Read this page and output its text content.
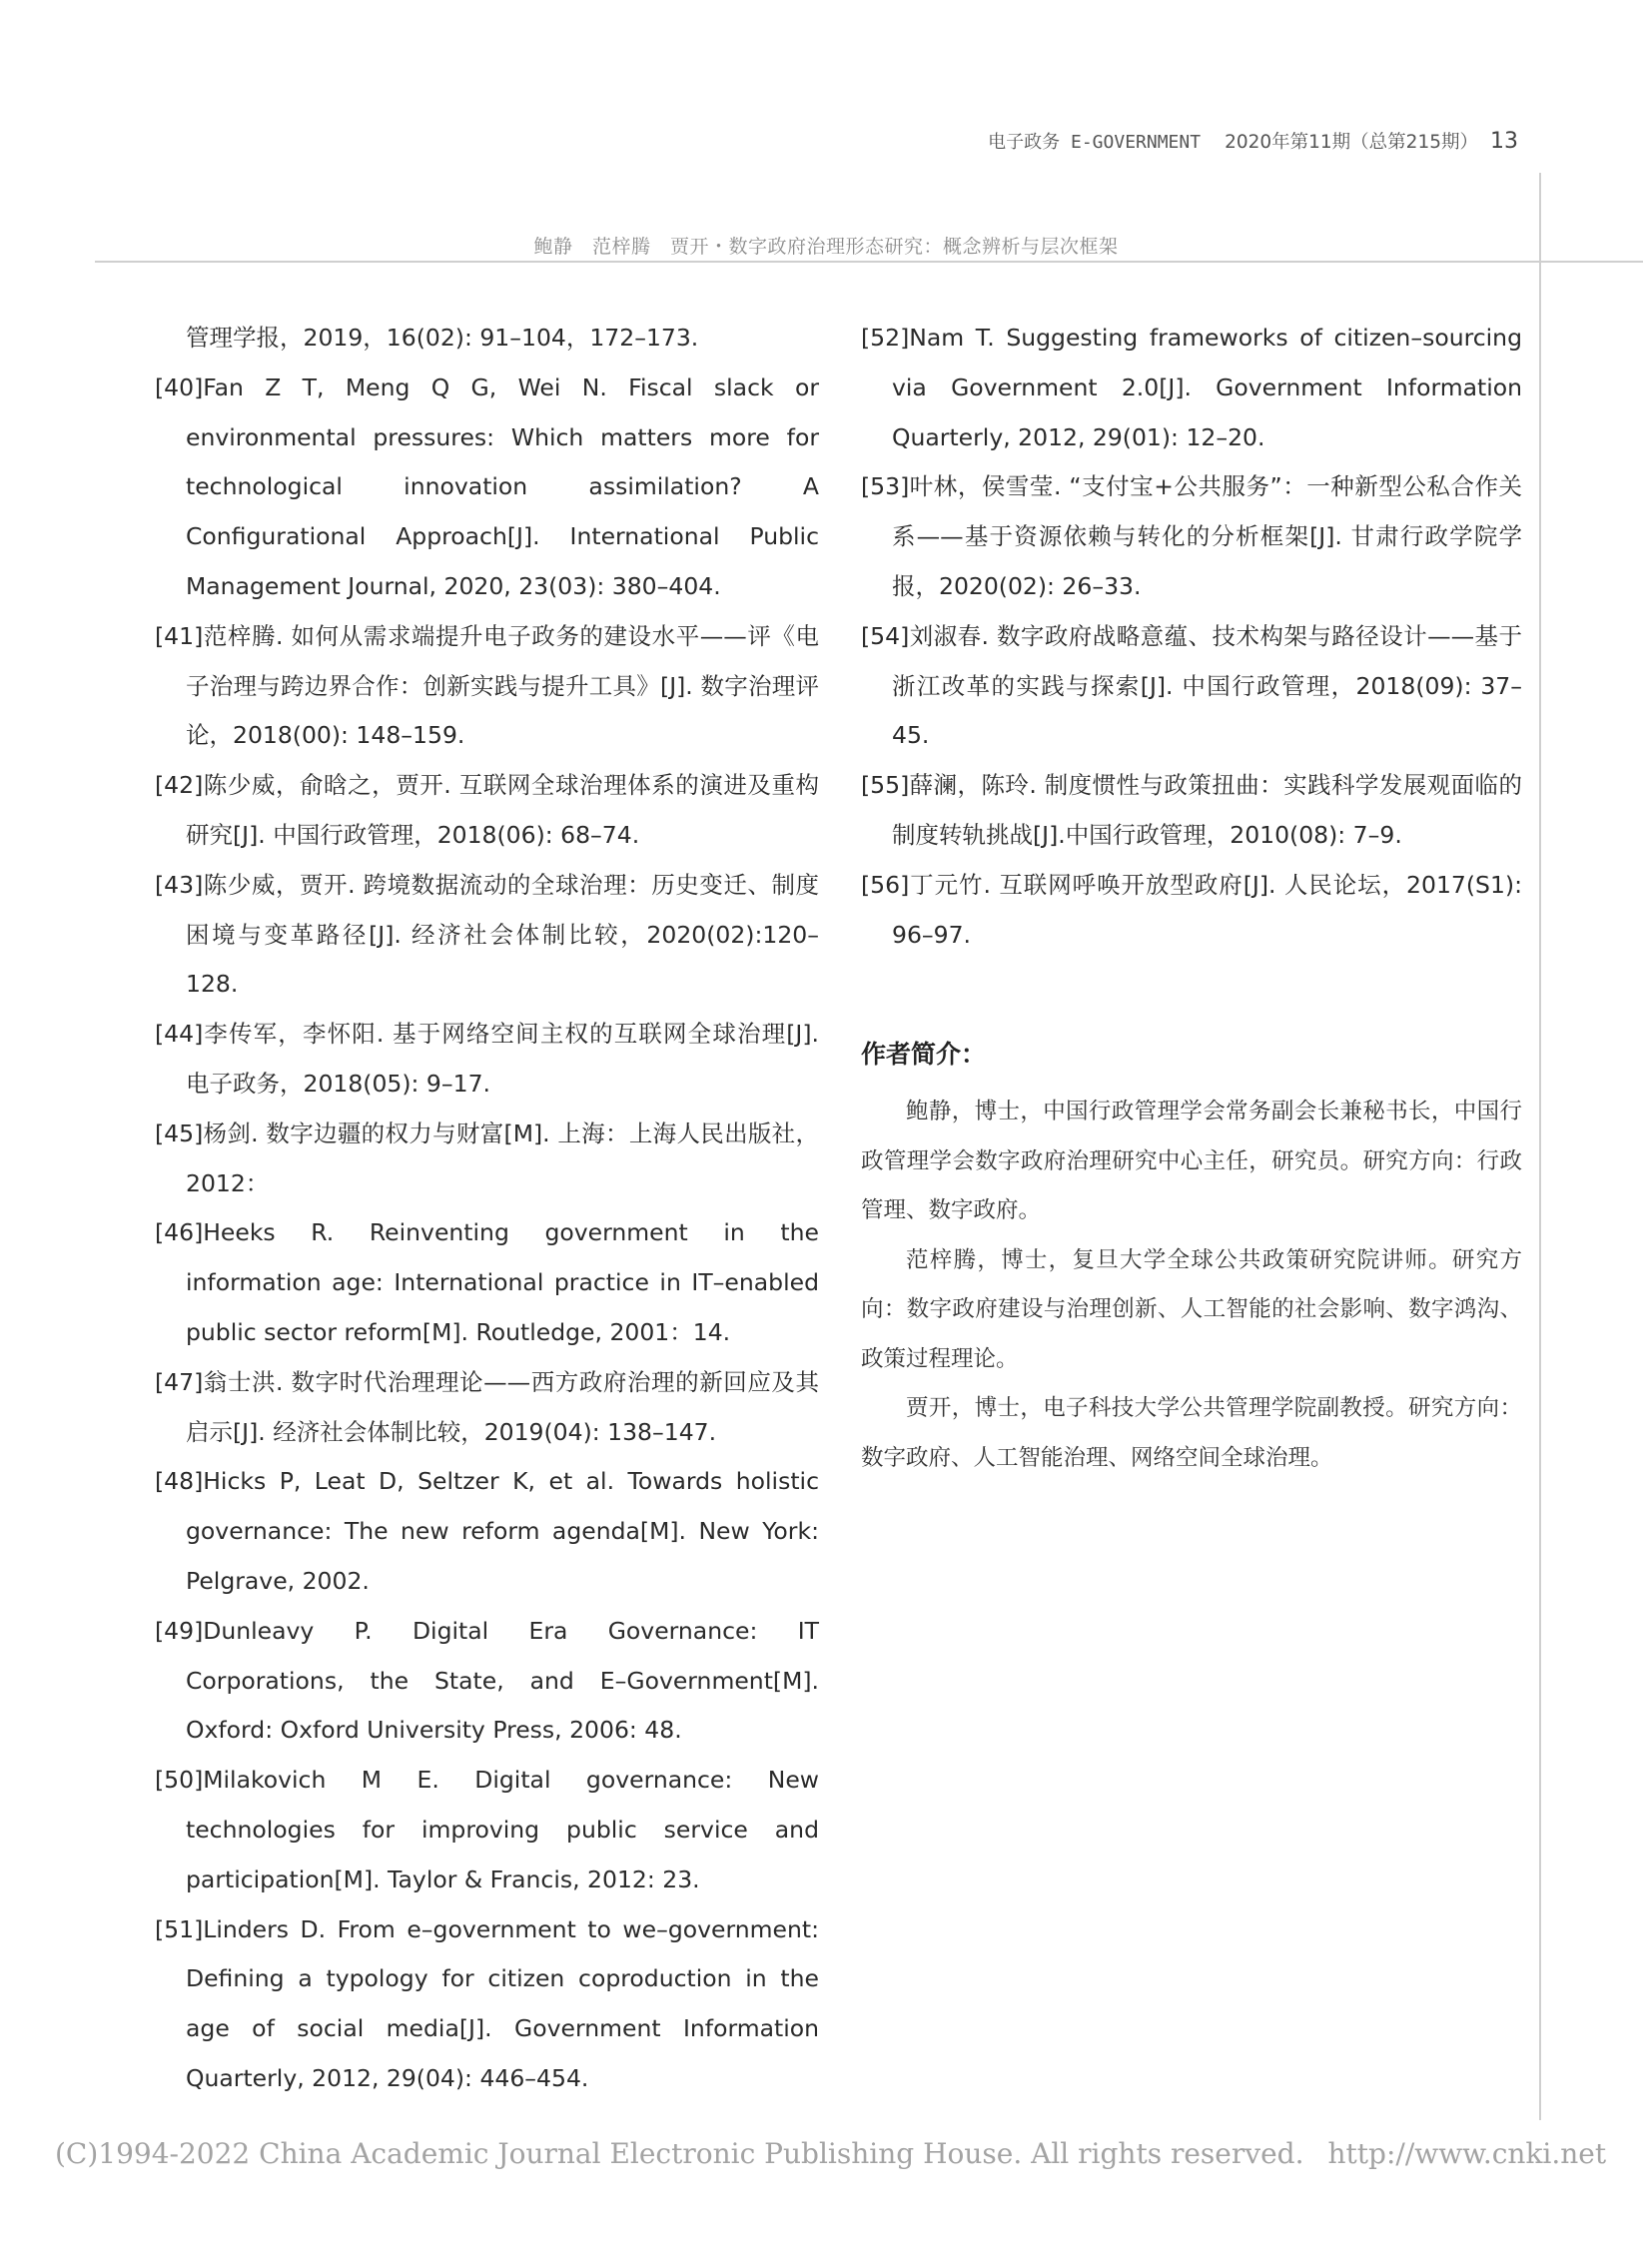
电子政务 E-GOVERNMENT 2020年第11期（总第215期） 13
鲍静　范梓腾　贾开・数字政府治理形态研究：概念辨析与层次框架
管理学报，2019，16(02): 91–104，172–173.
[40]Fan Z T, Meng Q G, Wei N. Fiscal slack or environmental pressures: Which matters more for technological innovation assimilation? A Configurational Approach[J]. International Public Management Journal, 2020, 23(03): 380–404.
[41]范梓腾. 如何从需求端提升电子政务的建设水平——评《电子治理与跨边界合作：创新实践与提升工具》[J]. 数字治理评论，2018(00): 148–159.
[42]陈少威，俞晗之，贾开. 互联网全球治理体系的演进及重构研究[J]. 中国行政管理，2018(06): 68–74.
[43]陈少威，贾开. 跨境数据流动的全球治理：历史变迁、制度困境与变革路径[J]. 经济社会体制比较，2020(02):120–128.
[44]李传军，李怀阳. 基于网络空间主权的互联网全球治理[J]. 电子政务，2018(05): 9–17.
[45]杨剑. 数字边疆的权力与财富[M]. 上海：上海人民出版社，2012：
[46]Heeks R. Reinventing government in the information age: International practice in IT–enabled public sector reform[M]. Routledge, 2001：14.
[47]翁士洪. 数字时代治理理论——西方政府治理的新回应及其启示[J]. 经济社会体制比较，2019(04): 138–147.
[48]Hicks P, Leat D, Seltzer K, et al. Towards holistic governance: The new reform agenda[M]. New York: Pelgrave, 2002.
[49]Dunleavy P. Digital Era Governance: IT Corporations, the State, and E–Government[M]. Oxford: Oxford University Press, 2006: 48.
[50]Milakovich M E. Digital governance: New technologies for improving public service and participation[M]. Taylor & Francis, 2012: 23.
[51]Linders D. From e–government to we–government: Defining a typology for citizen coproduction in the age of social media[J]. Government Information Quarterly, 2012, 29(04): 446–454.
[52]Nam T. Suggesting frameworks of citizen–sourcing via Government 2.0[J]. Government Information Quarterly, 2012, 29(01): 12–20.
[53]叶林，侯雪莹. “支付宝+公共服务”：一种新型公私合作关系——基于资源依赖与转化的分析框架[J]. 甘肃行政学院学报，2020(02): 26–33.
[54]刘淑春. 数字政府战略意蕴、技术构架与路径设计——基于浙江改革的实践与探索[J]. 中国行政管理，2018(09): 37–45.
[55]薛澜，陈玲. 制度惯性与政策扭曲：实践科学发展观面临的制度转轨挑战[J].中国行政管理，2010(08): 7–9.
[56]丁元竹. 互联网呼唤开放型政府[J]. 人民论坛，2017(S1): 96–97.
作者简介：

鲍静，博士，中国行政管理学会常务副会长兼秘书长，中国行政管理学会数字政府治理研究中心主任，研究员。研究方向：行政管理、数字政府。

范梓腾，博士，复旦大学全球公共政策研究院讲师。研究方向：数字政府建设与治理创新、人工智能的社会影响、数字鸿沟、政策过程理论。

贾开，博士，电子科技大学公共管理学院副教授。研究方向：数字政府、人工智能治理、网络空间全球治理。

(C)1994-2022 China Academic Journal Electronic Publishing House. All rights reserved. http://www.cnki.net
